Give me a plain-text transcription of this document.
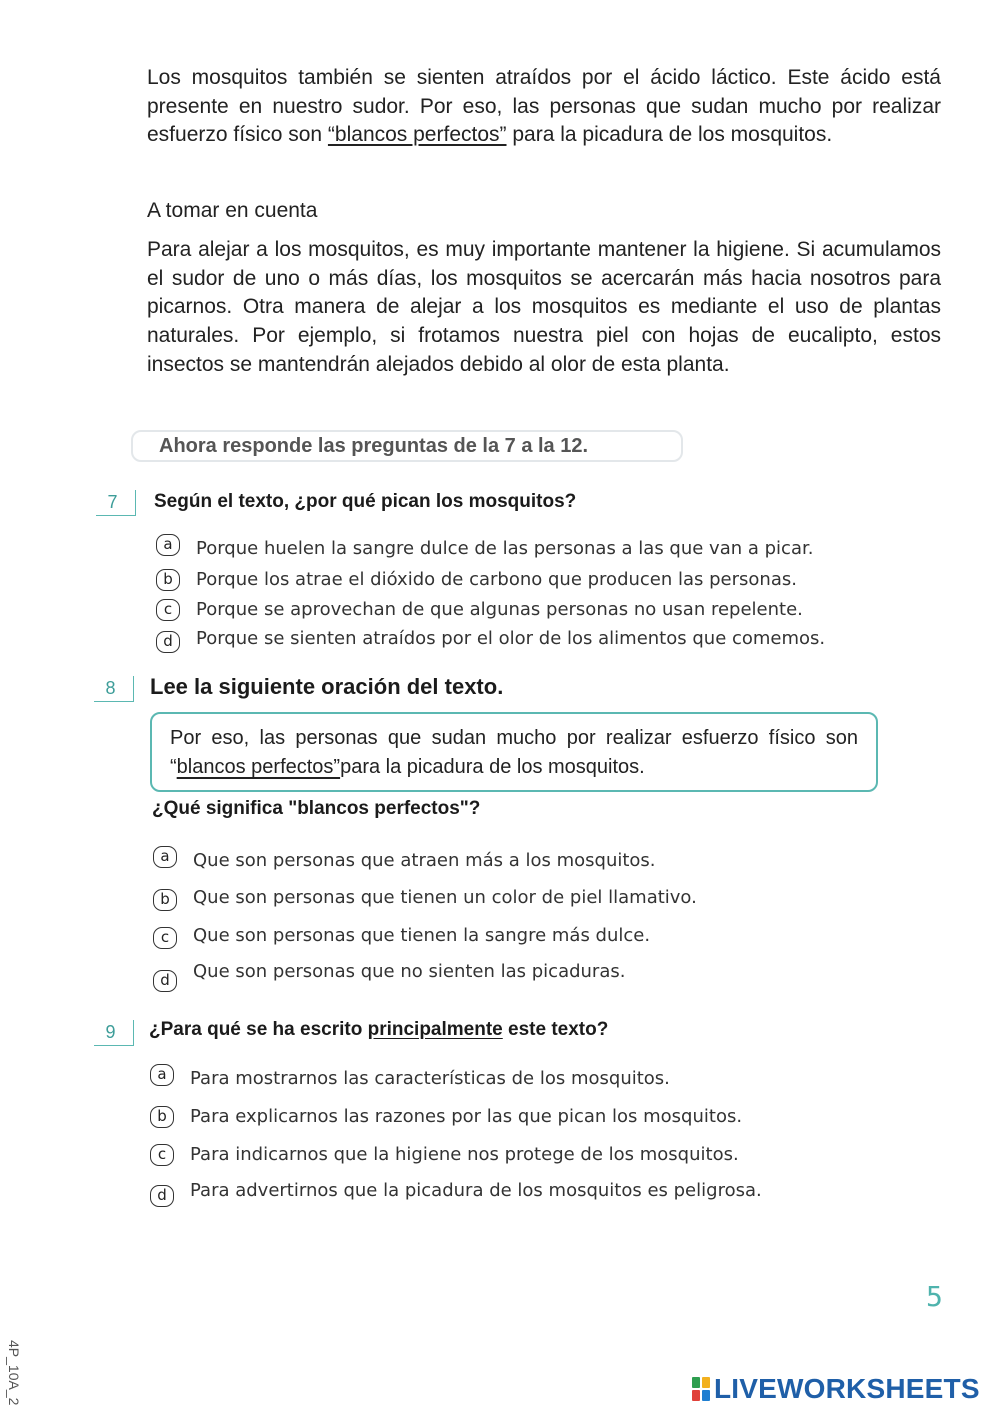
Los mosquitos también se sienten atraídos por el ácido láctico. Este ácido está presente en nuestro sudor. Por eso, las personas que sudan mucho por realizar esfuerzo físico son “blancos perfectos” para la picadura de los mosquitos.
A tomar en cuenta
Para alejar a los mosquitos, es muy importante mantener la higiene. Si acumulamos el sudor de uno o más días, los mosquitos se acercarán más hacia nosotros para picarnos. Otra manera de alejar a los mosquitos es mediante el uso de plantas naturales. Por ejemplo, si frotamos nuestra piel con hojas de eucalipto, estos insectos se mantendrán alejados debido al olor de esta planta.
Ahora responde las preguntas de la 7 a la 12.
7	Según el texto, ¿por qué pican los mosquitos?
a	Porque huelen la sangre dulce de las personas a las que van a picar.
b	Porque los atrae el dióxido de carbono que producen las personas.
c	Porque se aprovechan de que algunas personas no usan repelente.
d	Porque se sienten atraídos por el olor de los alimentos que comemos.
8	Lee la siguiente oración del texto.
Por eso, las personas que sudan mucho por realizar esfuerzo físico son “blancos perfectos”para la picadura de los mosquitos.
¿Qué significa "blancos perfectos"?
a	Que son personas que atraen más a los mosquitos.
b	Que son personas que tienen un color de piel llamativo.
c	Que son personas que tienen la sangre más dulce.
d	Que son personas que no sienten las picaduras.
9	¿Para qué se ha escrito principalmente este texto?
a	Para mostrarnos las características de los mosquitos.
b	Para explicarnos las razones por las que pican los mosquitos.
c	Para indicarnos que la higiene nos protege de los mosquitos.
d	Para advertirnos que la picadura de los mosquitos es peligrosa.
5
4P_10A_2	LIVEWORKSHEETS
